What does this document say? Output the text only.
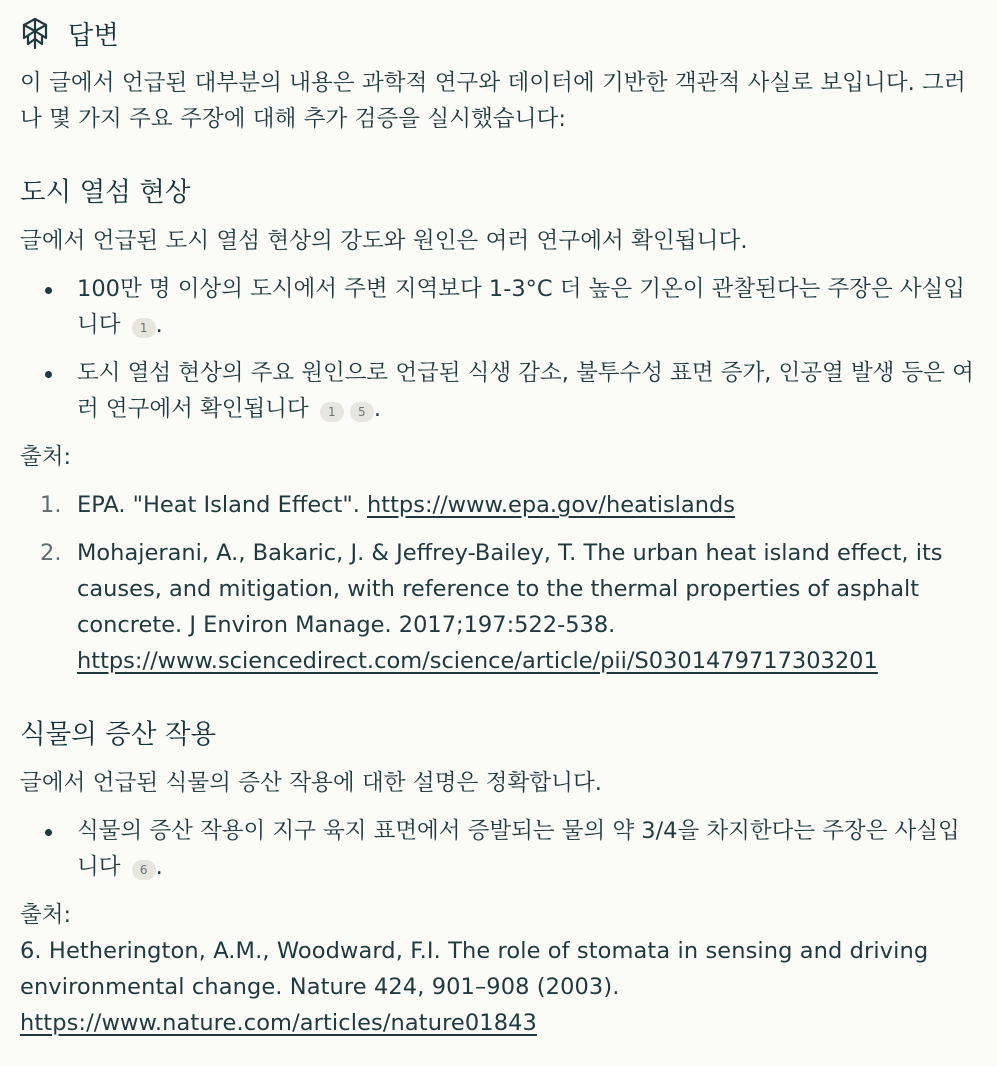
답변

이 글에서 언급된 대부분의 내용은 과학적 연구와 데이터에 기반한 객관적 사실로 보입니다. 그러나 몇 가지 주요 주장에 대해 추가 검증을 실시했습니다:

도시 열섬 현상

글에서 언급된 도시 열섬 현상의 강도와 원인은 여러 연구에서 확인됩니다.

100만 명 이상의 도시에서 주변 지역보다 1-3°C 더 높은 기온이 관찰된다는 주장은 사실입니다 1 .
도시 열섬 현상의 주요 원인으로 언급된 식생 감소, 불투수성 표면 증가, 인공열 발생 등은 여러 연구에서 확인됩니다 1 5 .

출처:

1. EPA. "Heat Island Effect". https://www.epa.gov/heatislands
2. Mohajerani, A., Bakaric, J. & Jeffrey-Bailey, T. The urban heat island effect, its causes, and mitigation, with reference to the thermal properties of asphalt concrete. J Environ Manage. 2017;197:522-538.
https://www.sciencedirect.com/science/article/pii/S0301479717303201
식물의 증산 작용

글에서 언급된 식물의 증산 작용에 대한 설명은 정확합니다.

식물의 증산 작용이 지구 육지 표면에서 증발되는 물의 약 3/4을 차지한다는 주장은 사실입니다 6 .

출처:

6. Hetherington, A.M., Woodward, F.I. The role of stomata in sensing and driving environmental change. Nature 424, 901–908 (2003).
https://www.nature.com/articles/nature01843
